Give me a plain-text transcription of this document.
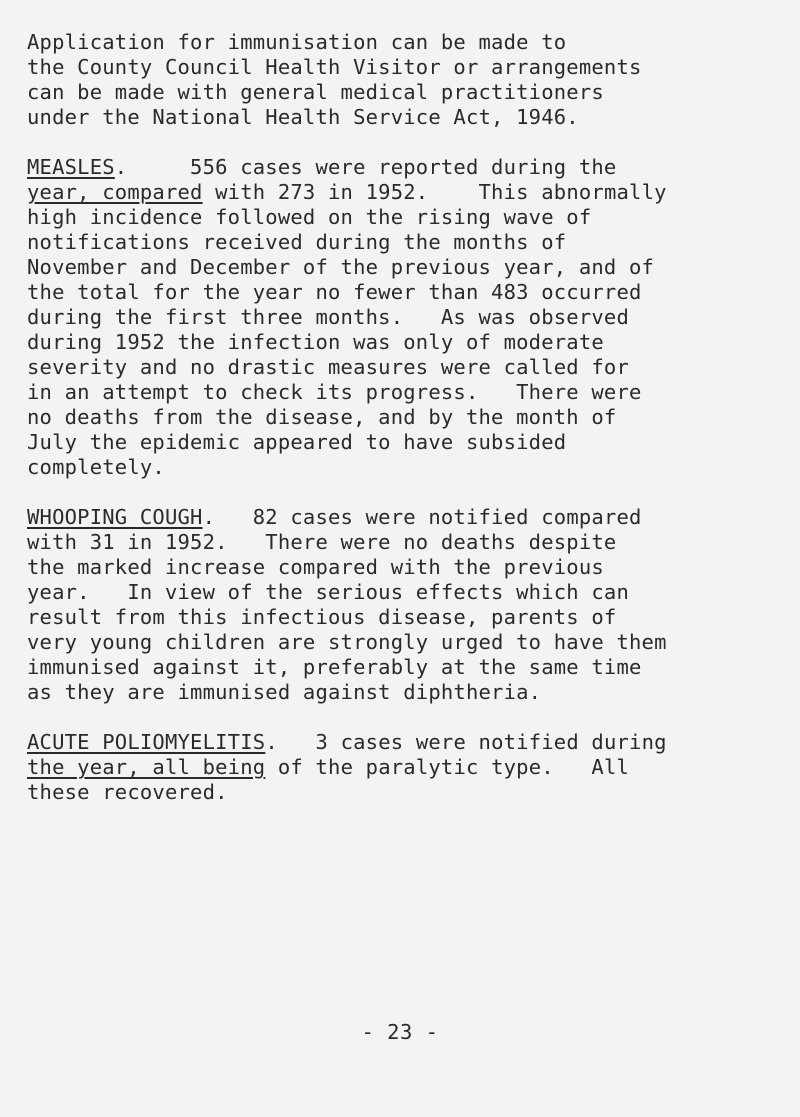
Application for immunisation can be made to
the County Council Health Visitor or arrangements
can be made with general medical practitioners
under the National Health Service Act, 1946.
MEASLES.     556 cases were reported during the
year, compared with 273 in 1952.    This abnormally
high incidence followed on the rising wave of
notifications received during the months of
November and December of the previous year, and of
the total for the year no fewer than 483 occurred
during the first three months.   As was observed
during 1952 the infection was only of moderate
severity and no drastic measures were called for
in an attempt to check its progress.   There were
no deaths from the disease, and by the month of
July the epidemic appeared to have subsided
completely.
WHOOPING COUGH.   82 cases were notified compared
with 31 in 1952.   There were no deaths despite
the marked increase compared with the previous
year.   In view of the serious effects which can
result from this infectious disease, parents of
very young children are strongly urged to have them
immunised against it, preferably at the same time
as they are immunised against diphtheria.
ACUTE POLIOMYELITIS.   3 cases were notified during
the year, all being of the paralytic type.   All
these recovered.
- 23 -
